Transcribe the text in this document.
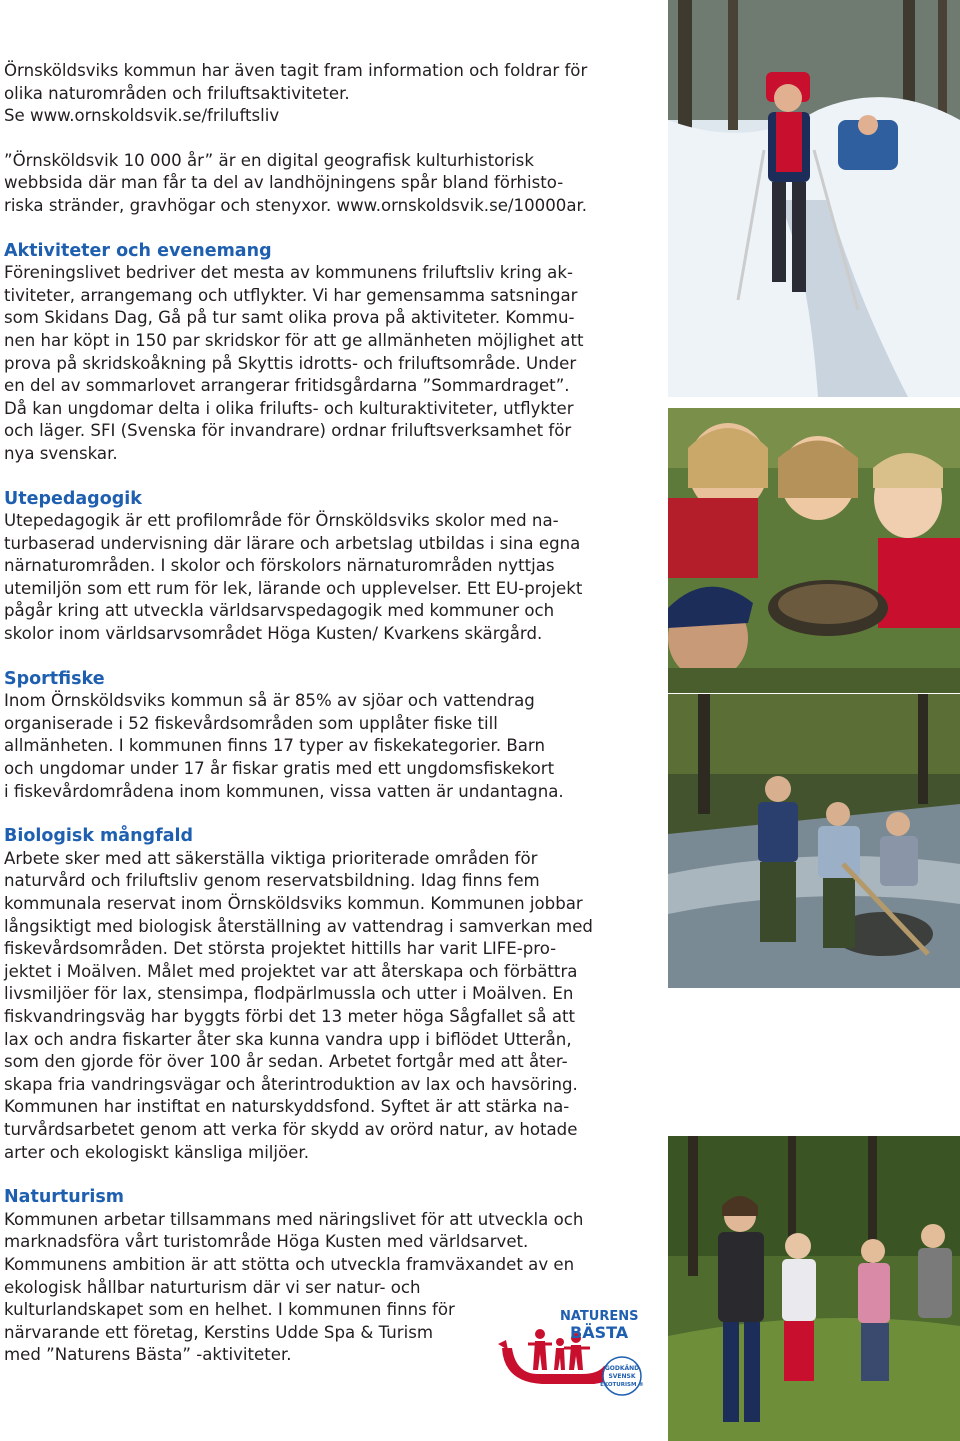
Örnsköldsviks kommun har även tagit fram information och foldrar för
olika naturområden och friluftsaktiviteter.
Se www.ornskoldsvik.se/friluftsliv

”Örnsköldsvik 10 000 år” är en digital geografisk kulturhistorisk
webbsida där man får ta del av landhöjningens spår bland förhisto-
riska stränder, gravhögar och stenyxor. www.ornskoldsvik.se/10000ar.

Aktiviteter och evenemang

Föreningslivet bedriver det mesta av kommunens friluftsliv kring ak-
tiviteter, arrangemang och utflykter. Vi har gemensamma satsningar
som Skidans Dag, Gå på tur samt olika prova på aktiviteter. Kommu-
nen har köpt in 150 par skridskor för att ge allmänheten möjlighet att
prova på skridskoåkning på Skyttis idrotts- och friluftsområde. Under
en del av sommarlovet arrangerar fritidsgårdarna ”Sommardraget”.
Då kan ungdomar delta i olika frilufts- och kulturaktiviteter, utflykter
och läger. SFI (Svenska för invandrare) ordnar friluftsverksamhet för
nya svenskar.

Utepedagogik

Utepedagogik är ett profilområde för Örnsköldsviks skolor med na-
turbaserad undervisning där lärare och arbetslag utbildas i sina egna
närnaturområden. I skolor och förskolors närnaturområden nyttjas
utemiljön som ett rum för lek, lärande och upplevelser. Ett EU-projekt
pågår kring att utveckla världsarvspedagogik med kommuner och
skolor inom världsarvsområdet Höga Kusten/ Kvarkens skärgård.

Sportfiske

Inom Örnsköldsviks kommun så är 85% av sjöar och vattendrag
organiserade i 52 fiskevårdsområden som upplåter fiske till
allmänheten. I kommunen finns 17 typer av fiskekategorier. Barn
och ungdomar under 17 år fiskar gratis med ett ungdomsfiskekort
i fiskevårdområdena inom kommunen, vissa vatten är undantagna.

Biologisk mångfald

Arbete sker med att säkerställa viktiga prioriterade områden för
naturvård och friluftsliv genom reservatsbildning. Idag finns fem
kommunala reservat inom Örnsköldsviks kommun. Kommunen jobbar
långsiktigt med biologisk återställning av vattendrag i samverkan med
fiskevårdsområden. Det största projektet hittills har varit LIFE-pro-
jektet i Moälven. Målet med projektet var att återskapa och förbättra
livsmiljöer för lax, stensimpa, flodpärlmussla och utter i Moälven. En
fiskvandringsväg har byggts förbi det 13 meter höga Sågfallet så att
lax och andra fiskarter åter ska kunna vandra upp i biflödet Utterån,
som den gjorde för över 100 år sedan. Arbetet fortgår med att åter-
skapa fria vandringsvägar och återintroduktion av lax och havsöring.
Kommunen har instiftat en naturskyddsfond. Syftet är att stärka na-
turvårdsarbetet genom att verka för skydd av orörd natur, av hotade
arter och ekologiskt känsliga miljöer.

Naturturism

Kommunen arbetar tillsammans med näringslivet för att utveckla och
marknadsföra vårt turistområde Höga Kusten med världsarvet.
Kommunens ambition är att stötta och utveckla framväxandet av en
ekologisk hållbar naturturism där vi ser natur- och
kulturlandskapet som en helhet. I kommunen finns för
närvarande ett företag, Kerstins Udde Spa & Turism
med ”Naturens Bästa” -aktiviteter.

NATURENS
BÄSTA
GODKÄND
SVENSK
EKOTURISM ®
